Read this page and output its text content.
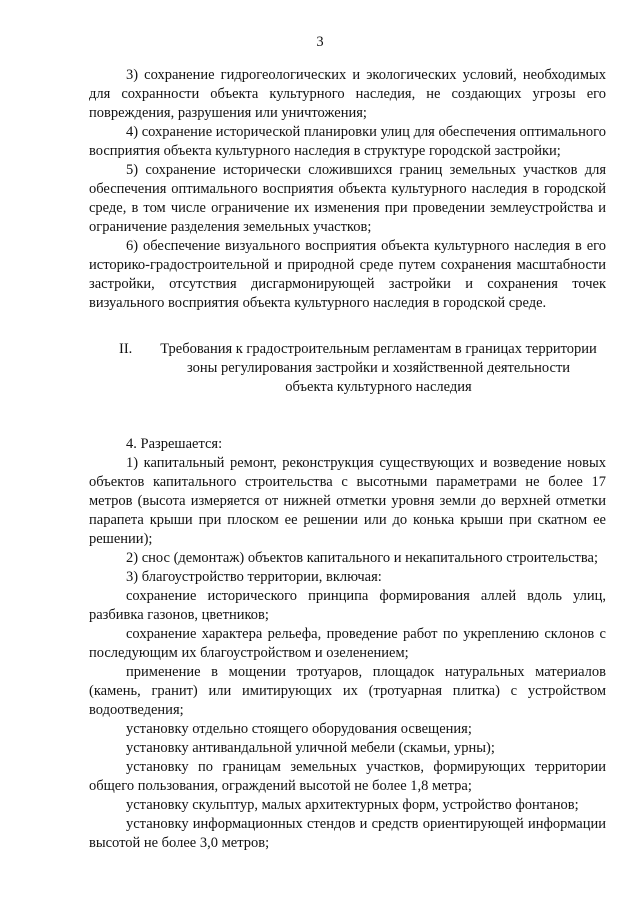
3

3) сохранение гидрогеологических и экологических условий, необходимых для сохранности объекта культурного наследия, не создающих угрозы его повреждения, разрушения или уничтожения;

4) сохранение исторической планировки улиц для обеспечения оптимального восприятия объекта культурного наследия в структуре городской застройки;

5) сохранение исторически сложившихся границ земельных участков для обеспечения оптимального восприятия объекта культурного наследия в городской среде, в том числе ограничение их изменения при проведении землеустройства и ограничение разделения земельных участков;

6) обеспечение визуального восприятия объекта культурного наследия в его историко-градостроительной и природной среде путем сохранения масштабности застройки, отсутствия дисгармонирующей застройки и сохранения точек визуального восприятия объекта культурного наследия в городской среде.

II.	Требования к градостроительным регламентам в границах территории
зоны регулирования застройки и хозяйственной деятельности
объекта культурного наследия

4. Разрешается:

1) капитальный ремонт, реконструкция существующих и возведение новых объектов капитального строительства с высотными параметрами не более 17 метров (высота измеряется от нижней отметки уровня земли до верхней отметки парапета крыши при плоском ее решении или до конька крыши при скатном ее решении);

2) снос (демонтаж) объектов капитального и некапитального строительства;

3) благоустройство территории, включая:

сохранение исторического принципа формирования аллей вдоль улиц, разбивка газонов, цветников;

сохранение характера рельефа, проведение работ по укреплению склонов с последующим их благоустройством и озеленением;

применение в мощении тротуаров, площадок натуральных материалов (камень, гранит) или имитирующих их (тротуарная плитка) с устройством водоотведения;

установку отдельно стоящего оборудования освещения;

установку антивандальной уличной мебели (скамьи, урны);

установку по границам земельных участков, формирующих территории общего пользования, ограждений высотой не более 1,8 метра;

установку скульптур, малых архитектурных форм, устройство фонтанов;

установку информационных стендов и средств ориентирующей информации высотой не более 3,0 метров;
